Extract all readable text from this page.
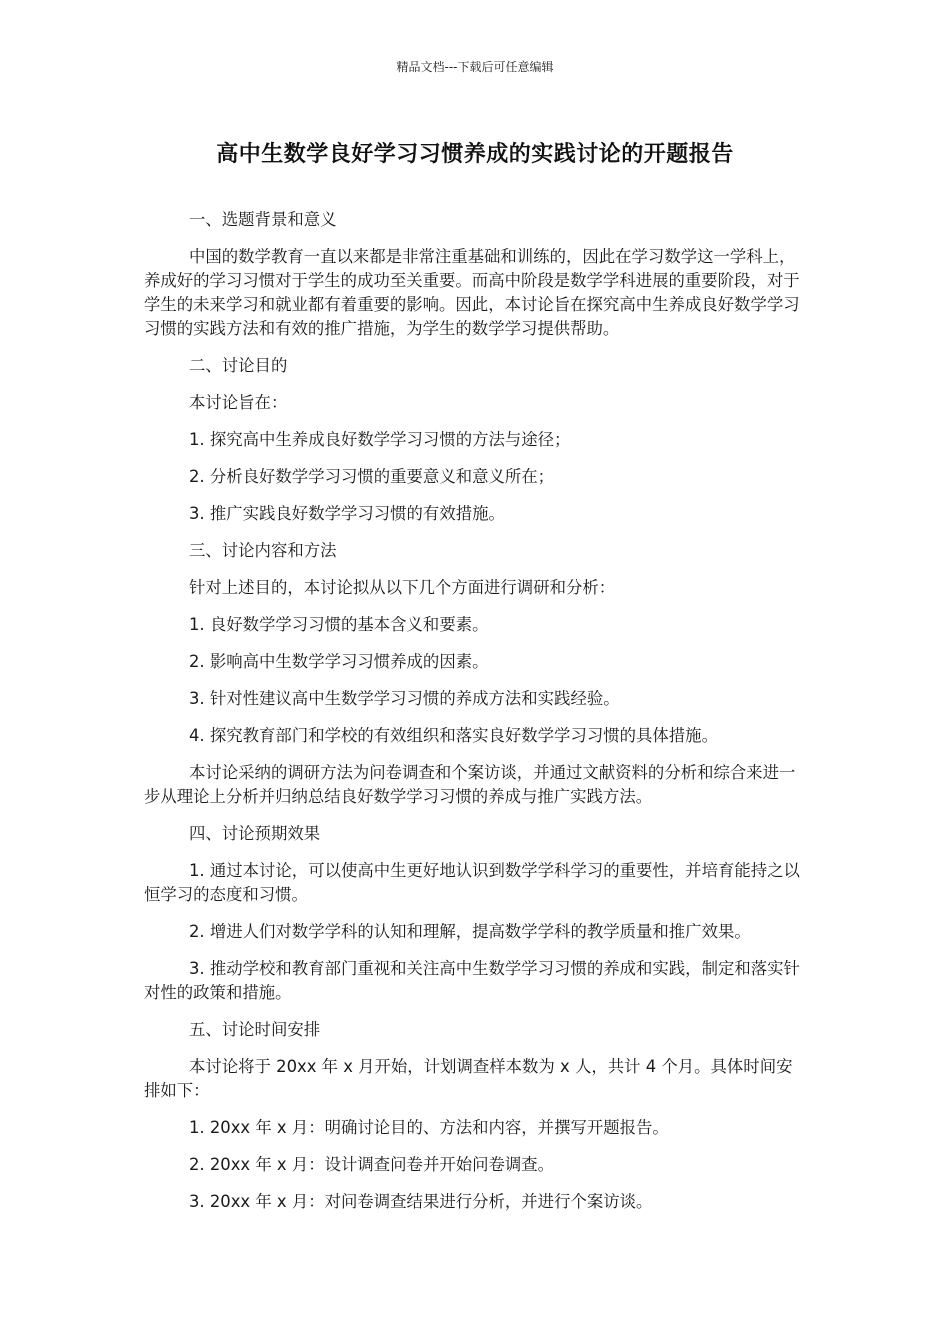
精品文档---下载后可任意编辑
高中生数学良好学习习惯养成的实践讨论的开题报告

一、选题背景和意义

中国的数学教育一直以来都是非常注重基础和训练的，因此在学习数学这一学科上，养成好的学习习惯对于学生的成功至关重要。而高中阶段是数学学科进展的重要阶段，对于学生的未来学习和就业都有着重要的影响。因此，本讨论旨在探究高中生养成良好数学学习习惯的实践方法和有效的推广措施，为学生的数学学习提供帮助。

二、讨论目的

本讨论旨在：

1. 探究高中生养成良好数学学习习惯的方法与途径；

2. 分析良好数学学习习惯的重要意义和意义所在；

3. 推广实践良好数学学习习惯的有效措施。

三、讨论内容和方法

针对上述目的，本讨论拟从以下几个方面进行调研和分析：

1. 良好数学学习习惯的基本含义和要素。

2. 影响高中生数学学习习惯养成的因素。

3. 针对性建议高中生数学学习习惯的养成方法和实践经验。

4. 探究教育部门和学校的有效组织和落实良好数学学习习惯的具体措施。

本讨论采纳的调研方法为问卷调查和个案访谈，并通过文献资料的分析和综合来进一步从理论上分析并归纳总结良好数学学习习惯的养成与推广实践方法。

四、讨论预期效果

1. 通过本讨论，可以使高中生更好地认识到数学学科学习的重要性，并培育能持之以恒学习的态度和习惯。

2. 增进人们对数学学科的认知和理解，提高数学学科的教学质量和推广效果。

3. 推动学校和教育部门重视和关注高中生数学学习习惯的养成和实践，制定和落实针对性的政策和措施。

五、讨论时间安排

本讨论将于 20xx 年 x 月开始，计划调查样本数为 x 人，共计 4 个月。具体时间安排如下：

1. 20xx 年 x 月：明确讨论目的、方法和内容，并撰写开题报告。

2. 20xx 年 x 月：设计调查问卷并开始问卷调查。

3. 20xx 年 x 月：对问卷调查结果进行分析，并进行个案访谈。
